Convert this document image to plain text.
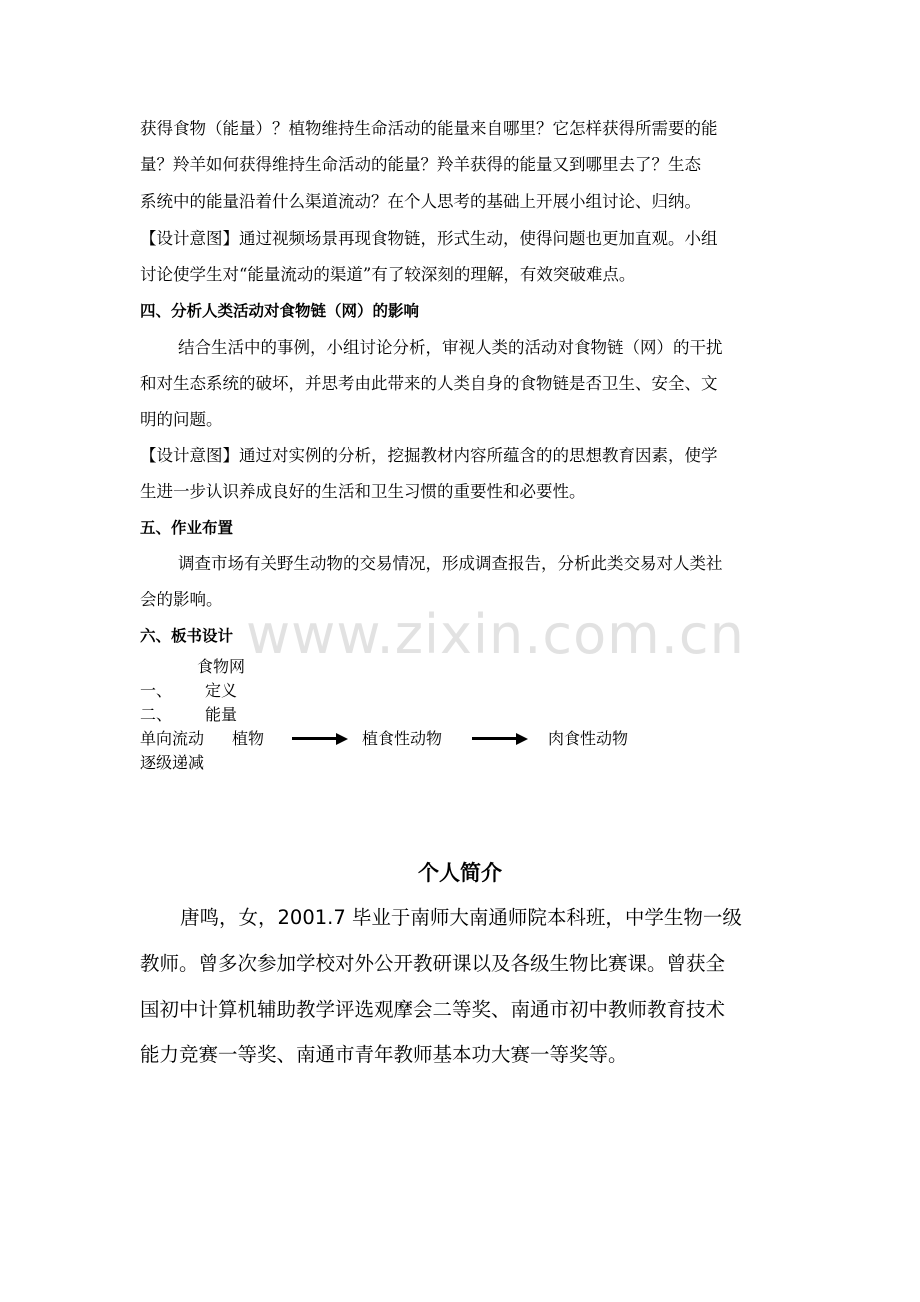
获得食物（能量）？植物维持生命活动的能量来自哪里？它怎样获得所需要的能
量？羚羊如何获得维持生命活动的能量？羚羊获得的能量又到哪里去了？生态
系统中的能量沿着什么渠道流动？在个人思考的基础上开展小组讨论、归纳。
【设计意图】通过视频场景再现食物链，形式生动，使得问题也更加直观。小组
讨论使学生对“能量流动的渠道”有了较深刻的理解，有效突破难点。
四、分析人类活动对食物链（网）的影响
结合生活中的事例，小组讨论分析，审视人类的活动对食物链（网）的干扰
和对生态系统的破坏，并思考由此带来的人类自身的食物链是否卫生、安全、文
明的问题。
【设计意图】通过对实例的分析，挖掘教材内容所蕴含的的思想教育因素，使学
生进一步认识养成良好的生活和卫生习惯的重要性和必要性。
五、作业布置
调查市场有关野生动物的交易情况，形成调查报告，分析此类交易对人类社
会的影响。
www.zixin.com.cn
六、板书设计
食物网
一、 定义
二、 能量
单向流动 植物	植食性动物	肉食性动物
逐级递减
个人简介
唐鸣，女，2001.7 毕业于南师大南通师院本科班，中学生物一级
教师。曾多次参加学校对外公开教研课以及各级生物比赛课。曾获全
国初中计算机辅助教学评选观摩会二等奖、南通市初中教师教育技术
能力竞赛一等奖、南通市青年教师基本功大赛一等奖等。
